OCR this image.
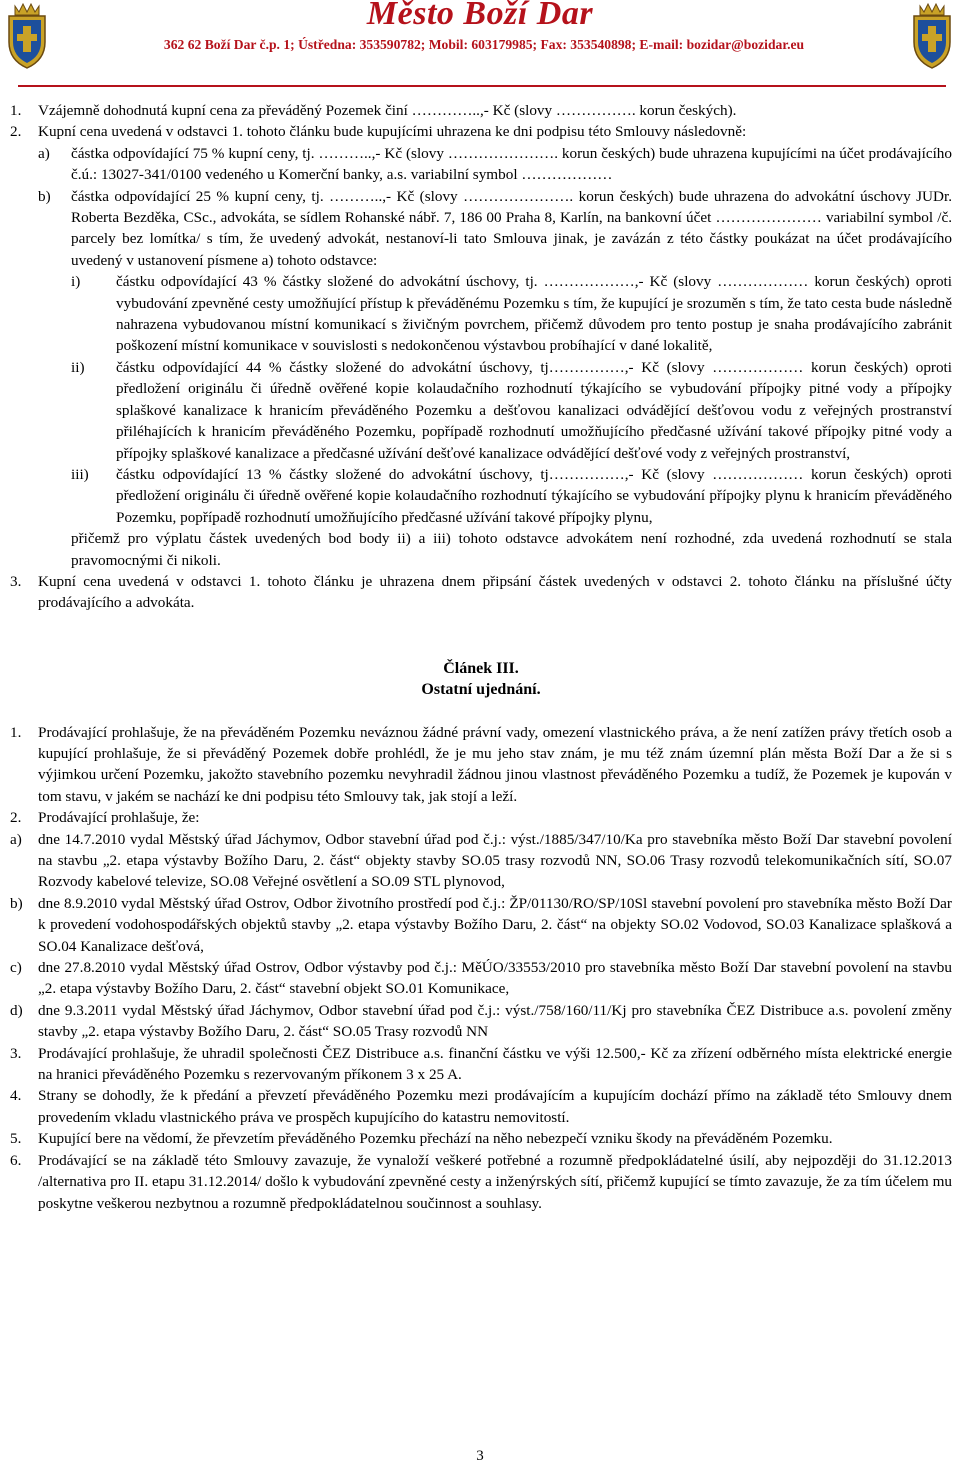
Město Boží Dar
362 62 Boží Dar č.p. 1; Ústředna: 353590782; Mobil: 603179985; Fax: 353540898; E-mail: bozidar@bozidar.eu
1.	Vzájemně dohodnutá kupní cena za převáděný Pozemek činí …………..,- Kč (slovy ……………. korun českých).
2.	Kupní cena uvedená v odstavci 1. tohoto článku bude kupujícími uhrazena ke dni podpisu této Smlouvy následovně:
a)	částka odpovídající 75 % kupní ceny, tj. ………..,- Kč (slovy …………………. korun českých) bude uhrazena kupujícími na účet prodávajícího č.ú.: 13027-341/0100 vedeného u Komerční banky, a.s. variabilní symbol ………………
b)	částka odpovídající 25 % kupní ceny, tj. ………..,- Kč (slovy …………………. korun českých) bude uhrazena do advokátní úschovy JUDr. Roberta Bezděka, CSc., advokáta, se sídlem Rohanské nábř. 7, 186 00 Praha 8, Karlín, na bankovní účet ………………… variabilní symbol /č. parcely bez lomítka/ s tím, že uvedený advokát, nestanoví-li tato Smlouva jinak, je zavázán z této částky poukázat na účet prodávajícího uvedený v ustanovení písmene a) tohoto odstavce:
i)	částku odpovídající 43 % částky složené do advokátní úschovy, tj. ………………,- Kč (slovy ……………… korun českých) oproti vybudování zpevněné cesty umožňující přístup k převáděnému Pozemku s tím, že kupující je srozuměn s tím, že tato cesta bude následně nahrazena vybudovanou místní komunikací s živičným povrchem, přičemž důvodem pro tento postup je snaha prodávajícího zabránit poškození místní komunikace v souvislosti s nedokončenou výstavbou probíhající v dané lokalitě,
ii)	částku odpovídající 44 % částky složené do advokátní úschovy, tj……………,- Kč (slovy ……………… korun českých) oproti předložení originálu či úředně ověřené kopie kolaudačního rozhodnutí týkajícího se vybudování přípojky pitné vody a přípojky splaškové kanalizace k hranicím převáděného Pozemku a dešťovou kanalizaci odvádějící dešťovou vodu z veřejných prostranství přiléhajících k hranicím převáděného Pozemku, popřípadě rozhodnutí umožňujícího předčasné užívání takové přípojky pitné vody a přípojky splaškové kanalizace a předčasné užívání dešťové kanalizace odvádějící dešťové vody z veřejných prostranství,
iii)	částku odpovídající 13 % částky složené do advokátní úschovy, tj……………,- Kč (slovy ……………… korun českých) oproti předložení originálu či úředně ověřené kopie kolaudačního rozhodnutí týkajícího se vybudování přípojky plynu k hranicím převáděného Pozemku, popřípadě rozhodnutí umožňujícího předčasné užívání takové přípojky plynu,

přičemž pro výplatu částek uvedených bod body ii) a iii) tohoto odstavce advokátem není rozhodné, zda uvedená rozhodnutí se stala pravomocnými či nikoli.

3.	Kupní cena uvedená v odstavci 1. tohoto článku je uhrazena dnem připsání částek uvedených v odstavci 2. tohoto článku na příslušné účty prodávajícího a advokáta.
Článek III.
Ostatní ujednání.
1.	Prodávající prohlašuje, že na převáděném Pozemku neváznou žádné právní vady, omezení vlastnického práva, a že není zatížen právy třetích osob a kupující prohlašuje, že si převáděný Pozemek dobře prohlédl, že je mu jeho stav znám, je mu též znám územní plán města Boží Dar a že si s výjimkou určení Pozemku, jakožto stavebního pozemku nevyhradil žádnou jinou vlastnost převáděného Pozemku a tudíž, že Pozemek je kupován v tom stavu, v jakém se nachází ke dni podpisu této Smlouvy tak, jak stojí a leží.
2.	Prodávající prohlašuje, že:
a)	dne 14.7.2010 vydal Městský úřad Jáchymov, Odbor stavební úřad pod č.j.: výst./1885/347/10/Ka pro stavebníka město Boží Dar stavební povolení na stavbu „2. etapa výstavby Božího Daru, 2. část“ objekty stavby SO.05 trasy rozvodů NN, SO.06 Trasy rozvodů telekomunikačních sítí, SO.07 Rozvody kabelové televize, SO.08 Veřejné osvětlení a SO.09 STL plynovod,
b)	dne 8.9.2010 vydal Městský úřad Ostrov, Odbor životního prostředí pod č.j.: ŽP/01130/RO/SP/10Sl stavební povolení pro stavebníka město Boží Dar k provedení vodohospodářských objektů stavby „2. etapa výstavby Božího Daru, 2. část“ na objekty SO.02 Vodovod, SO.03 Kanalizace splašková a SO.04 Kanalizace dešťová,
c)	dne 27.8.2010 vydal Městský úřad Ostrov, Odbor výstavby pod č.j.: MěÚO/33553/2010 pro stavebníka město Boží Dar stavební povolení na stavbu „2. etapa výstavby Božího Daru, 2. část“ stavební objekt SO.01 Komunikace,
d)	dne 9.3.2011 vydal Městský úřad Jáchymov, Odbor stavební úřad pod č.j.: výst./758/160/11/Kj pro stavebníka ČEZ Distribuce a.s. povolení změny stavby „2. etapa výstavby Božího Daru, 2. část“ SO.05 Trasy rozvodů NN
3.	Prodávající prohlašuje, že uhradil společnosti ČEZ Distribuce a.s. finanční částku ve výši 12.500,- Kč za zřízení odběrného místa elektrické energie na hranici převáděného Pozemku s rezervovaným příkonem 3 x 25 A.
4.	Strany se dohodly, že k předání a převzetí převáděného Pozemku mezi prodávajícím a kupujícím dochází přímo na základě této Smlouvy dnem provedením vkladu vlastnického práva ve prospěch kupujícího do katastru nemovitostí.
5.	Kupující bere na vědomí, že převzetím převáděného Pozemku přechází na něho nebezpečí vzniku škody na převáděném Pozemku.
6.	Prodávající se na základě této Smlouvy zavazuje, že vynaloží veškeré potřebné a rozumně předpokládatelné úsilí, aby nejpozději do 31.12.2013 /alternativa pro II. etapu 31.12.2014/ došlo k vybudování zpevněné cesty a inženýrských sítí, přičemž kupující se tímto zavazuje, že za tím účelem mu poskytne veškerou nezbytnou a rozumně předpokládatelnou součinnost a souhlasy.
3
